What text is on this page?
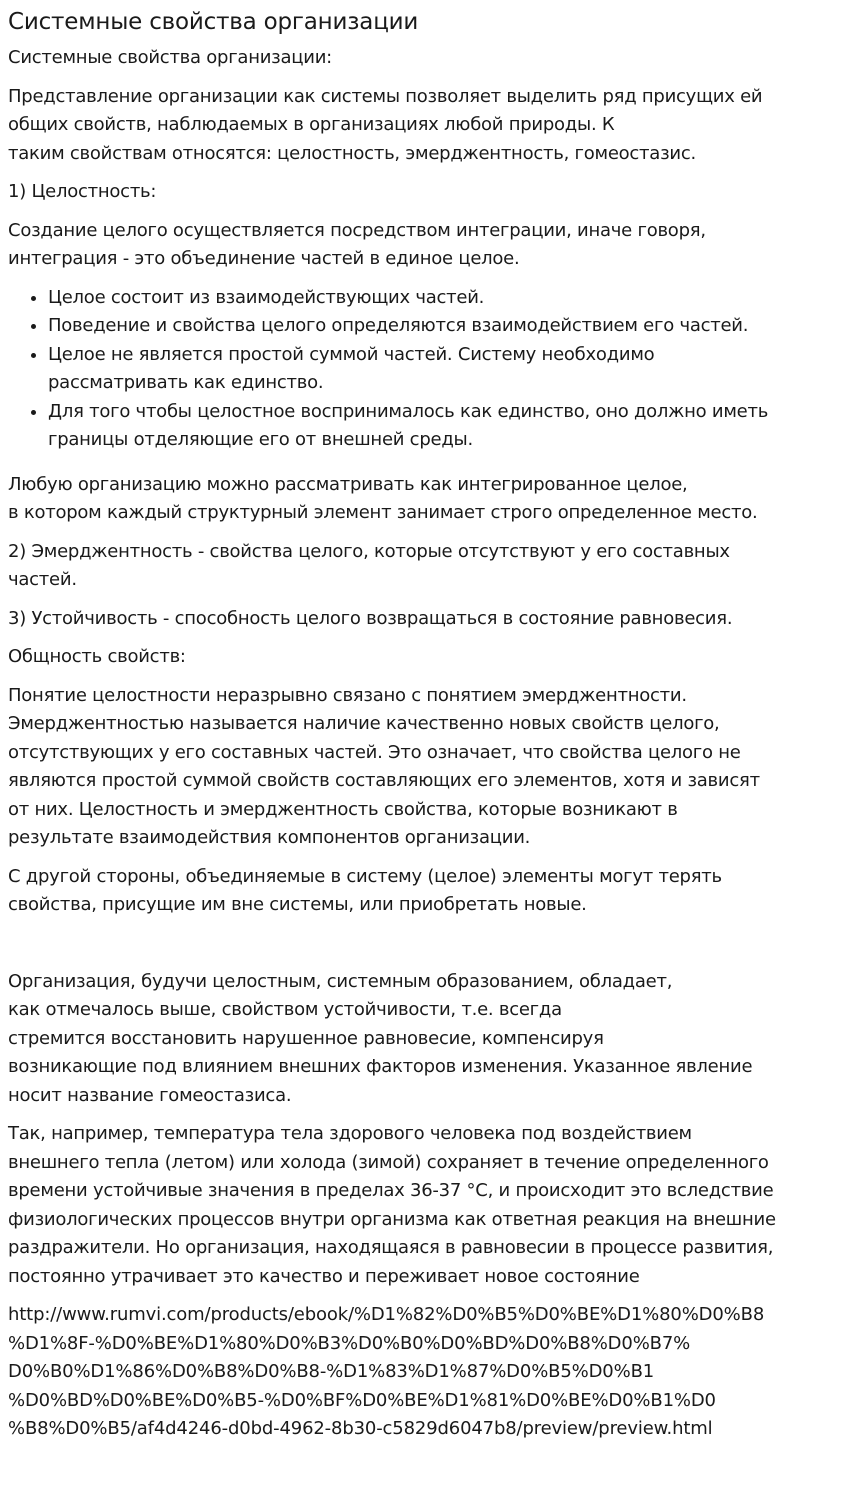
Системные свойства организации

Системные свойства организации:

Представление организации как системы позволяет выделить ряд присущих ей
общих свойств, наблюдаемых в организациях любой природы. К
таким свойствам относятся: целостность, эмерджентность, гомеостазис.

1) Целостность:

Создание целого осуществляется посредством интеграции, иначе говоря,
интеграция - это объединение частей в единое целое.

• Целое состоит из взаимодействующих частей.
• Поведение и свойства целого определяются взаимодействием его частей.
• Целое не является простой суммой частей. Систему необходимо
рассматривать как единство.
• Для того чтобы целостное воспринималось как единство, оно должно иметь
границы отделяющие его от внешней среды.

Любую организацию можно рассматривать как интегрированное целое,
в котором каждый структурный элемент занимает строго определенное место.

2) Эмерджентность - свойства целого, которые отсутствуют у его составных
частей.

3) Устойчивость - способность целого возвращаться в состояние равновесия.

Общность свойств:

Понятие целостности неразрывно связано с понятием эмерджентности.
Эмерджентностью называется наличие качественно новых свойств целого,
отсутствующих у его составных частей. Это означает, что свойства целого не
являются простой суммой свойств составляющих его элементов, хотя и зависят
от них. Целостность и эмерджентность свойства, которые возникают в
результате взаимодействия компонентов организации.

С другой стороны, объединяемые в систему (целое) элементы могут терять
свойства, присущие им вне системы, или приобретать новые.

Организация, будучи целостным, системным образованием, обладает,
как отмечалось выше, свойством устойчивости, т.е. всегда
стремится восстановить нарушенное равновесие, компенсируя
возникающие под влиянием внешних факторов изменения. Указанное явление
носит название гомеостазиса.

Так, например, температура тела здорового человека под воздействием
внешнего тепла (летом) или холода (зимой) сохраняет в течение определенного
времени устойчивые значения в пределах 36-37 °С, и происходит это вследствие
физиологических процессов внутри организма как ответная реакция на внешние
раздражители. Но организация, находящаяся в равновесии в процессе развития,
постоянно утрачивает это качество и переживает новое состояние

http://www.rumvi.com/products/ebook/%D1%82%D0%B5%D0%BE%D1%80%D0%B8
%D1%8F-%D0%BE%D1%80%D0%B3%D0%B0%D0%BD%D0%B8%D0%B7%
D0%B0%D1%86%D0%B8%D0%B8-%D1%83%D1%87%D0%B5%D0%B1
%D0%BD%D0%BE%D0%B5-%D0%BF%D0%BE%D1%81%D0%BE%D0%B1%D0
%B8%D0%B5/af4d4246-d0bd-4962-8b30-c5829d6047b8/preview/preview.html
